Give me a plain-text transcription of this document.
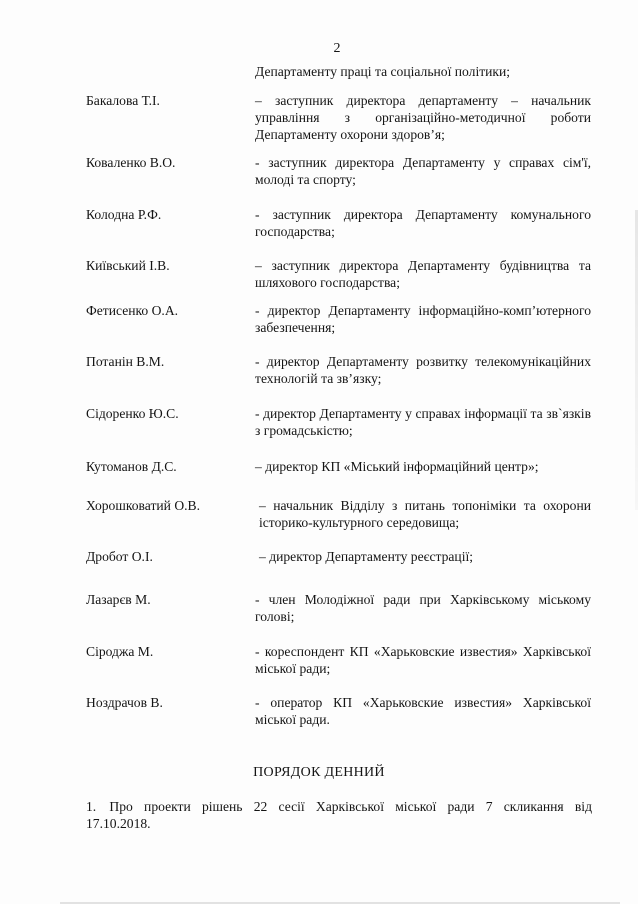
2
Департаменту праці та соціальної політики;
Бакалова Т.І.	– заступник директора департаменту – начальник управління з організаційно-методичної роботи Департаменту охорони здоров’я;
Коваленко В.О.	- заступник директора Департаменту у справах сім'ї, молоді та спорту;
Колодна Р.Ф.	- заступник директора Департаменту комунального господарства;
Київський І.В.	– заступник директора Департаменту будівництва та шляхового господарства;
Фетисенко О.А.	- директор Департаменту інформаційно-комп’ютерного забезпечення;
Потанін В.М.	- директор Департаменту розвитку телекомунікаційних технологій та зв’язку;
Сідоренко Ю.С.	- директор Департаменту у справах інформації та зв`язків з громадськістю;
Кутоманов Д.С.	– директор КП «Міський інформаційний центр»;
Хорошковатий О.В.	– начальник Відділу з питань топоніміки та охорони історико-культурного середовища;
Дробот О.І.	– директор Департаменту реєстрації;
Лазарєв М.	- член Молодіжної ради при Харківському міському голові;
Сіроджа М.	- кореспондент КП «Харьковские известия» Харківської міської ради;
Ноздрачов В.	- оператор КП «Харьковские известия» Харківської міської ради.
ПОРЯДОК ДЕННИЙ
1. Про проекти рішень 22 сесії Харківської міської ради 7 скликання від 17.10.2018.
